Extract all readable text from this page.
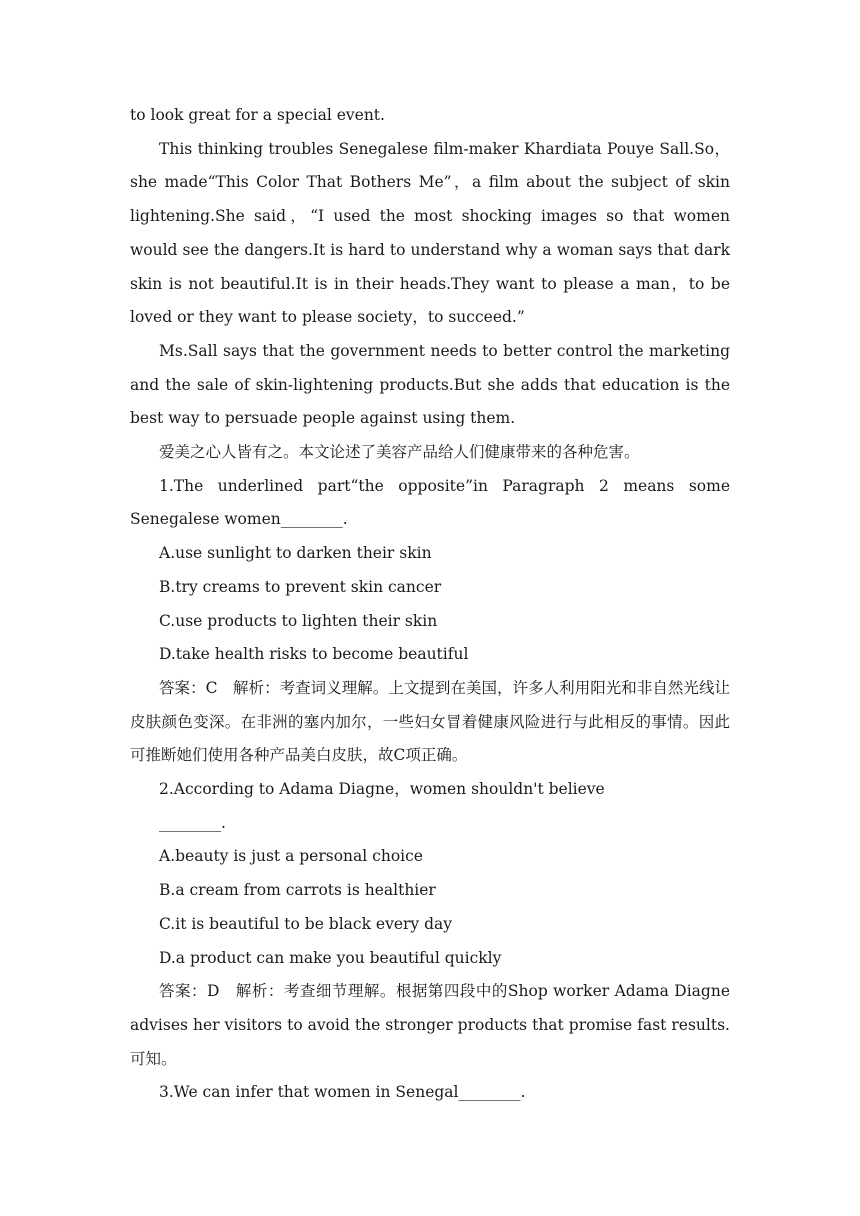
to look great for a special event.

This thinking troubles Senegalese film-maker Khardiata Pouye Sall.So，she made“This Color That Bothers Me”，a film about the subject of skin lightening.She said，“I used the most shocking images so that women would see the dangers.It is hard to understand why a woman says that dark skin is not beautiful.It is in their heads.They want to please a man，to be loved or they want to please society，to succeed.”

Ms.Sall says that the government needs to better control the marketing and the sale of skin-lightening products.But she adds that education is the best way to persuade people against using them.

爱美之心人皆有之。本文论述了美容产品给人们健康带来的各种危害。

1.The underlined part“the opposite”in Paragraph 2 means some Senegalese women________.

A.use sunlight to darken their skin

B.try creams to prevent skin cancer

C.use products to lighten their skin

D.take health risks to become beautiful

答案：C　解析：考查词义理解。上文提到在美国，许多人利用阳光和非自然光线让皮肤颜色变深。在非洲的塞内加尔，一些妇女冒着健康风险进行与此相反的事情。因此可推断她们使用各种产品美白皮肤，故C项正确。

2.According to Adama Diagne，women shouldn't believe

________.

A.beauty is just a personal choice

B.a cream from carrots is healthier

C.it is beautiful to be black every day

D.a product can make you beautiful quickly

答案：D　解析：考查细节理解。根据第四段中的Shop worker Adama Diagne advises her visitors to avoid the stronger products that promise fast results.可知。

3.We can infer that women in Senegal________.
